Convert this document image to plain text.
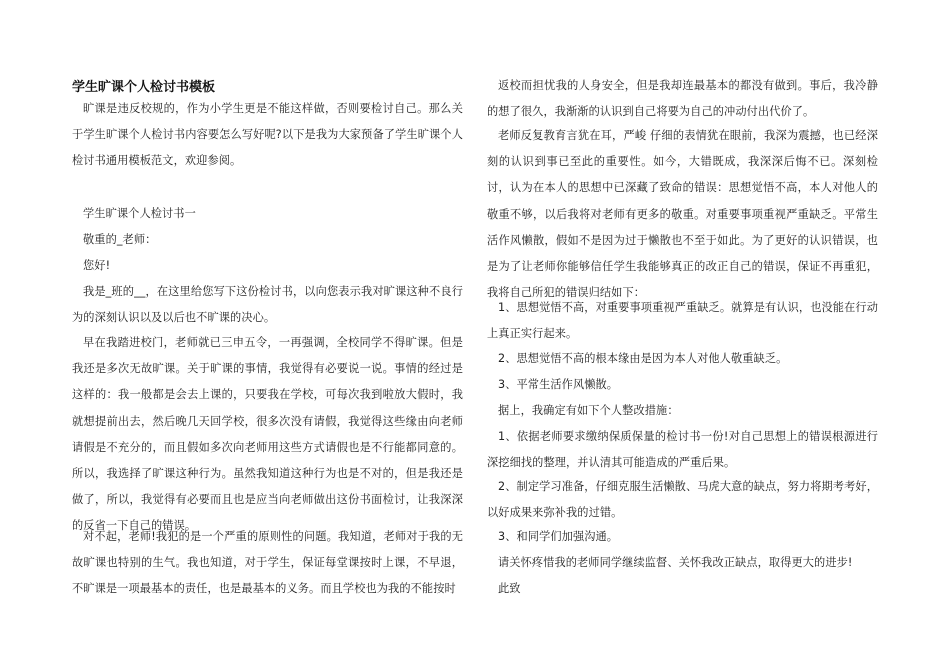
学生旷课个人检讨书模板

旷课是违反校规的，作为小学生更是不能这样做，否则要检讨自己。那么关于学生旷课个人检讨书内容要怎么写好呢?以下是我为大家预备了学生旷课个人检讨书通用模板范文，欢迎参阅。

学生旷课个人检讨书一

敬重的_老师：

您好!

我是_班的__，在这里给您写下这份检讨书，以向您表示我对旷课这种不良行为的深刻认识以及以后也不旷课的决心。

早在我踏进校门，老师就已三申五令，一再强调，全校同学不得旷课。但是我还是多次无故旷课。关于旷课的事情，我觉得有必要说一说。事情的经过是这样的：我一般都是会去上课的，只要我在学校，可每次我到啦放大假时，我就想提前出去，然后晚几天回学校，很多次没有请假，我觉得这些缘由向老师请假是不充分的，而且假如多次向老师用这些方式请假也是不行能都同意的。所以，我选择了旷课这种行为。虽然我知道这种行为也是不对的，但是我还是做了，所以，我觉得有必要而且也是应当向老师做出这份书面检讨，让我深深的反省一下自己的错误。

对不起，老师!我犯的是一个严重的原则性的问题。我知道，老师对于我的无故旷课也特别的生气。我也知道，对于学生，保证每堂课按时上课，不早退，不旷课是一项最基本的责任，也是最基本的义务。而且学校也为我的不能按时

返校而担忧我的人身安全，但是我却连最基本的都没有做到。事后，我冷静的想了很久，我渐渐的认识到自己将要为自己的冲动付出代价了。

老师反复教育言犹在耳，严峻 仔细的表情犹在眼前，我深为震撼，也已经深刻的认识到事已至此的重要性。如今，大错既成，我深深后悔不已。深刻检讨，认为在本人的思想中已深藏了致命的错误：思想觉悟不高，本人对他人的敬重不够，以后我将对老师有更多的敬重。对重要事项重视严重缺乏。平常生活作风懒散，假如不是因为过于懒散也不至于如此。为了更好的认识错误，也是为了让老师你能够信任学生我能够真正的改正自己的错误，保证不再重犯，我将自己所犯的错误归结如下：

1、思想觉悟不高，对重要事项重视严重缺乏。就算是有认识，也没能在行动上真正实行起来。

2、思想觉悟不高的根本缘由是因为本人对他人敬重缺乏。

3、平常生活作风懒散。

据上，我确定有如下个人整改措施：

1、依据老师要求缴纳保质保量的检讨书一份!对自己思想上的错误根源进行深挖细找的整理，并认清其可能造成的严重后果。

2、制定学习准备，仔细克服生活懒散、马虎大意的缺点，努力将期考考好，以好成果来弥补我的过错。

3、和同学们加强沟通。

请关怀疼惜我的老师同学继续监督、关怀我改正缺点，取得更大的进步!

此致
